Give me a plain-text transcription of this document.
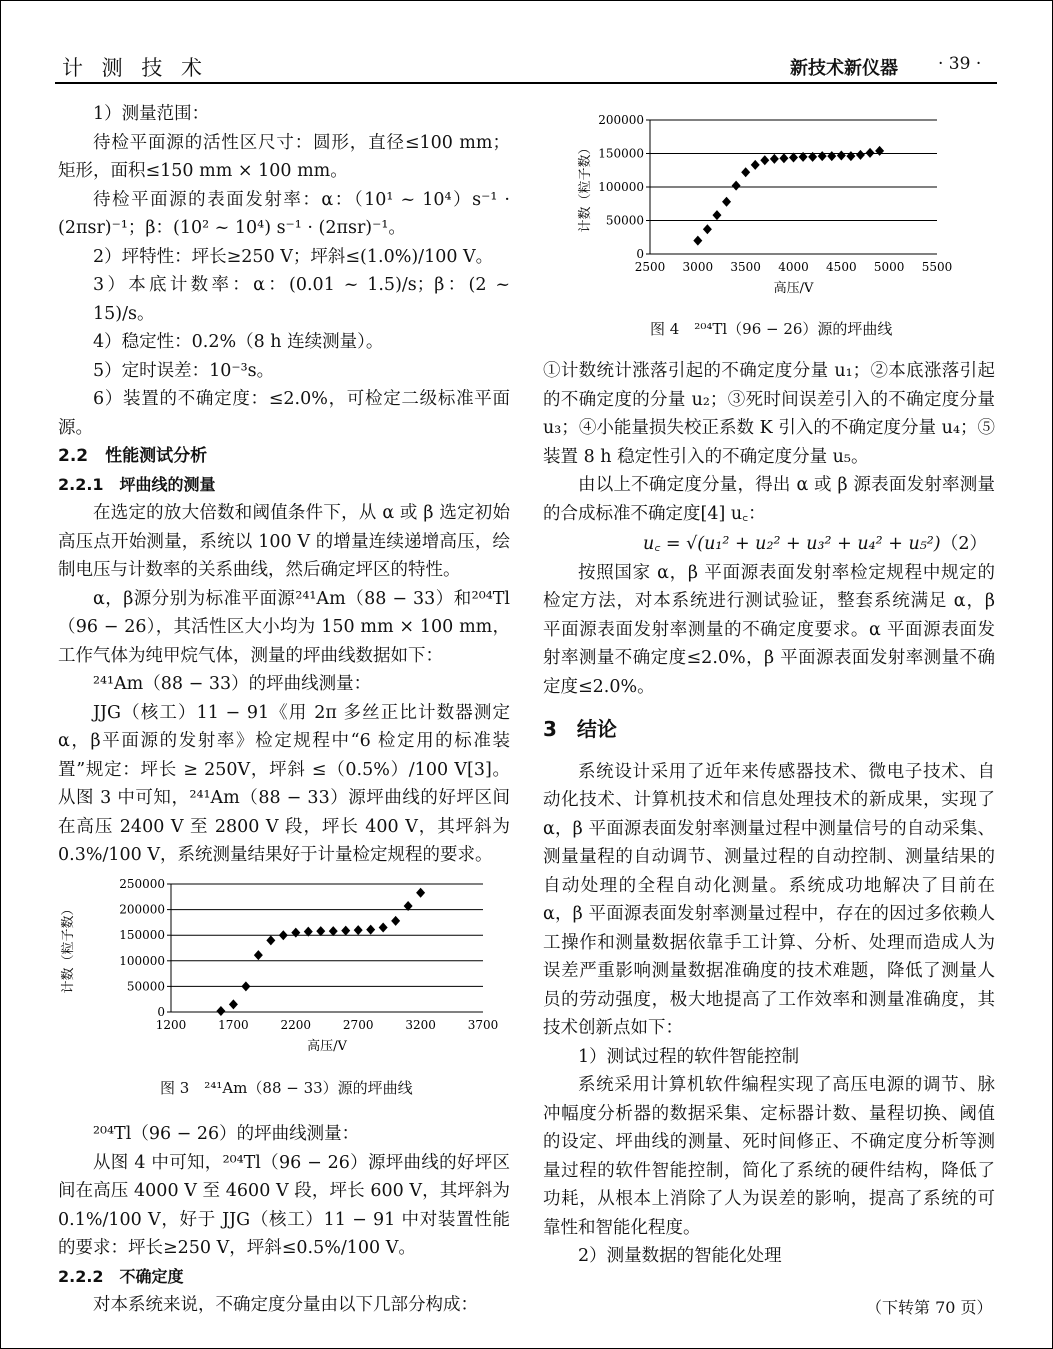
计 测 技 术	新技术新仪器 · 39 ·

1）测量范围：

待检平面源的活性区尺寸：圆形，直径≤100 mm；矩形，面积≤150 mm × 100 mm。

待检平面源的表面发射率：α：（10¹ ~ 10⁴）s⁻¹ · (2πsr)⁻¹；β：(10² ~ 10⁴) s⁻¹ · (2πsr)⁻¹。

2）坪特性：坪长≥250 V；坪斜≤(1.0%)/100 V。

3）本底计数率：α：(0.01 ~ 1.5)/s；β：(2 ~ 15)/s。

4）稳定性：0.2%（8 h 连续测量）。

5）定时误差：10⁻³s。

6）装置的不确定度：≤2.0%，可检定二级标准平面源。

2.2　性能测试分析

2.2.1　坪曲线的测量

在选定的放大倍数和阈值条件下，从 α 或 β 选定初始高压点开始测量，系统以 100 V 的增量连续递增高压，绘制电压与计数率的关系曲线，然后确定坪区的特性。

α，β源分别为标准平面源²⁴¹Am（88 − 33）和²⁰⁴Tl（96 − 26），其活性区大小均为 150 mm × 100 mm，工作气体为纯甲烷气体，测量的坪曲线数据如下：

²⁴¹Am（88 − 33）的坪曲线测量：

JJG（核工）11 − 91《用 2π 多丝正比计数器测定 α，β平面源的发射率》检定规程中“6 检定用的标准装置”规定：坪长 ≥ 250V，坪斜 ≤（0.5%）/100 V[3]。从图 3 中可知，²⁴¹Am（88 − 33）源坪曲线的好坪区间在高压 2400 V 至 2800 V 段，坪长 400 V，其坪斜为 0.3%/100 V，系统测量结果好于计量检定规程的要求。

0
50000
100000
150000
200000
250000
1200	1700	2200	2700	3200	3700
高压/V
计数（粒子数）
图 3　²⁴¹Am（88 − 33）源的坪曲线

²⁰⁴Tl（96 − 26）的坪曲线测量：

从图 4 中可知，²⁰⁴Tl（96 − 26）源坪曲线的好坪区间在高压 4000 V 至 4600 V 段，坪长 600 V，其坪斜为 0.1%/100 V，好于 JJG（核工）11 − 91 中对装置性能的要求：坪长≥250 V，坪斜≤0.5%/100 V。

2.2.2　不确定度

对本系统来说，不确定度分量由以下几部分构成：

0
50000
100000
150000
200000
2500 3000 3500 4000 4500 5000 5500
高压/V
计数（粒子数）
图 4　²⁰⁴Tl（96 − 26）源的坪曲线

①计数统计涨落引起的不确定度分量 u₁；②本底涨落引起的不确定度的分量 u₂；③死时间误差引入的不确定度分量 u₃；④小能量损失校正系数 K 引入的不确定度分量 u₄；⑤装置 8 h 稳定性引入的不确定度分量 u₅。

由以上不确定度分量，得出 α 或 β 源表面发射率测量的合成标准不确定度[4] u꜀：

u꜀ = √(u₁² + u₂² + u₃² + u₄² + u₅²) （2）

按照国家 α，β 平面源表面发射率检定规程中规定的检定方法，对本系统进行测试验证，整套系统满足 α，β 平面源表面发射率测量的不确定度要求。α 平面源表面发射率测量不确定度≤2.0%，β 平面源表面发射率测量不确定度≤2.0%。

3　结论

系统设计采用了近年来传感器技术、微电子技术、自动化技术、计算机技术和信息处理技术的新成果，实现了 α，β 平面源表面发射率测量过程中测量信号的自动采集、测量量程的自动调节、测量过程的自动控制、测量结果的自动处理的全程自动化测量。系统成功地解决了目前在 α，β 平面源表面发射率测量过程中，存在的因过多依赖人工操作和测量数据依靠手工计算、分析、处理而造成人为误差严重影响测量数据准确度的技术难题，降低了测量人员的劳动强度，极大地提高了工作效率和测量准确度，其技术创新点如下：

1）测试过程的软件智能控制

系统采用计算机软件编程实现了高压电源的调节、脉冲幅度分析器的数据采集、定标器计数、量程切换、阈值的设定、坪曲线的测量、死时间修正、不确定度分析等测量过程的软件智能控制，简化了系统的硬件结构，降低了功耗，从根本上消除了人为误差的影响，提高了系统的可靠性和智能化程度。

2）测量数据的智能化处理

（下转第 70 页）
